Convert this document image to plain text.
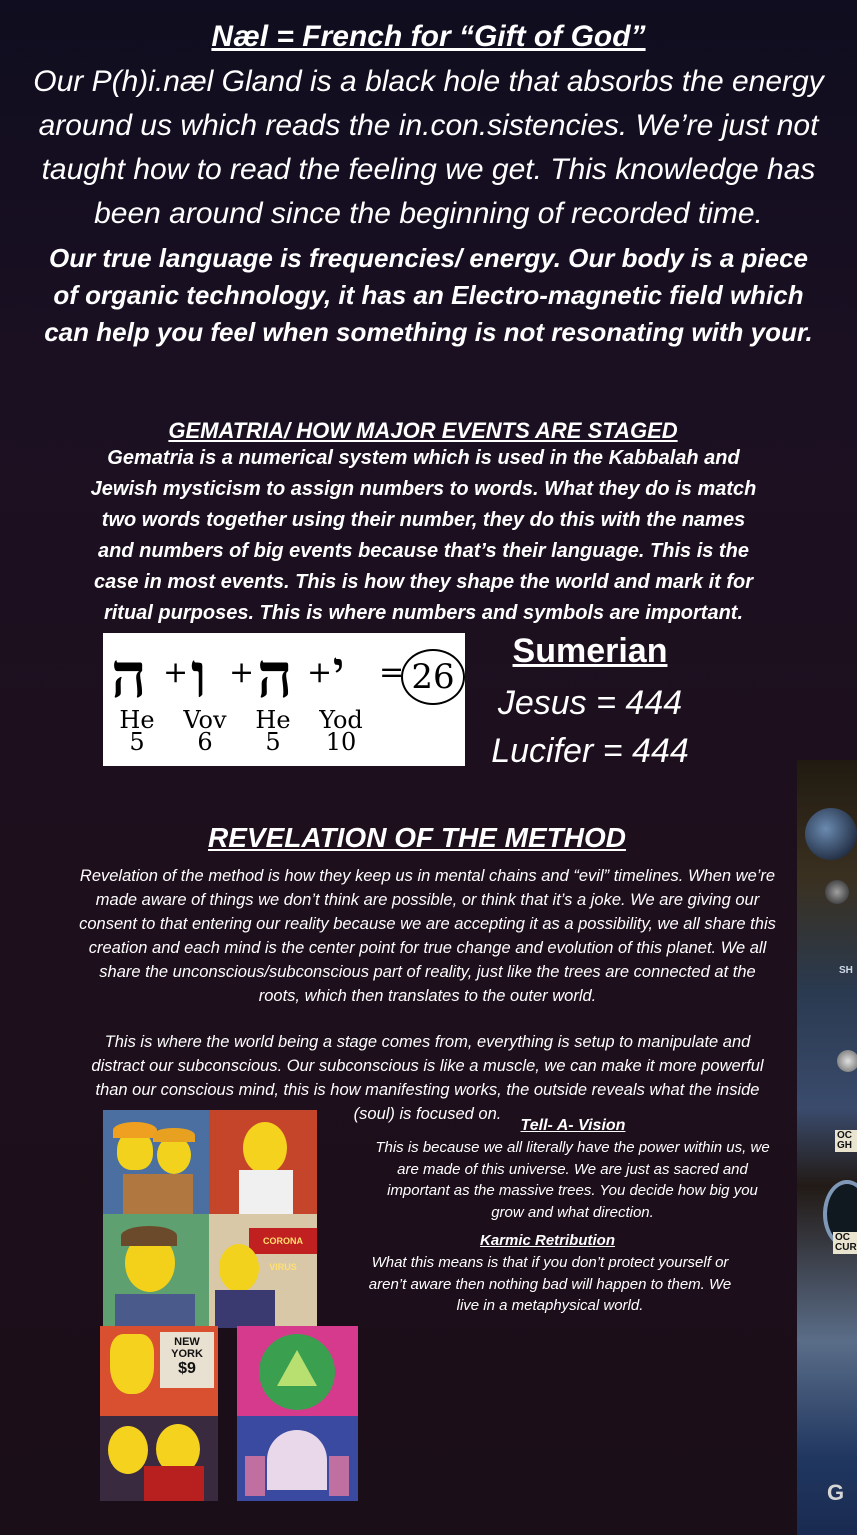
Næl = French for “Gift of God”
Our P(h)i.næl Gland is a black hole that absorbs the energy
around us which reads the in.con.sistencies. We’re just not
taught how to read the feeling we get. This knowledge has
been around since the beginning of recorded time.
Our true language is frequencies/ energy. Our body is a piece
of organic technology, it has an Electro-magnetic field which
can help you feel when something is not resonating with your.
GEMATRIA/ HOW MAJOR EVENTS ARE STAGED
Gematria is a numerical system which is used in the Kabbalah and
Jewish mysticism to assign numbers to words. What they do is match
two words together using their number, they do this with the names
and numbers of big events because that’s their language. This is the
case in most events. This is how they shape the world and mark it for
ritual purposes. This is where numbers and symbols are important.
ה + ו + ה + י = 26
He
5
Vov
6
He
5
Yod
10
Sumerian
Jesus = 444
Lucifer = 444
REVELATION OF THE METHOD
Revelation of the method is how they keep us in mental chains and “evil” timelines. When we’re
made aware of things we don’t think are possible, or think that it’s a joke. We are giving our
consent to that entering our reality because we are accepting it as a possibility, we all share this
creation and each mind is the center point for true change and evolution of this planet. We all
share the unconscious/subconscious part of reality, just like the trees are connected at the
roots, which then translates to the outer world.
This is where the world being a stage comes from, everything is setup to manipulate and
distract our subconscious. Our subconscious is like a muscle, we can make it more powerful
than our conscious mind, this is how manifesting works, the outside reveals what the inside
(soul) is focused on.
Tell- A- Vision
This is because we all literally have the power within us, we
are made of this universe. We are just as sacred and
important as the massive trees. You decide how big you
grow and what direction.
Karmic Retribution
What this means is that if you don’t protect yourself or
aren’t aware then nothing bad will happen to them. We
live in a metaphysical world.
CORONA VIRUS
NEW YORK
$9
SH
OC GH
OC CUR
G
